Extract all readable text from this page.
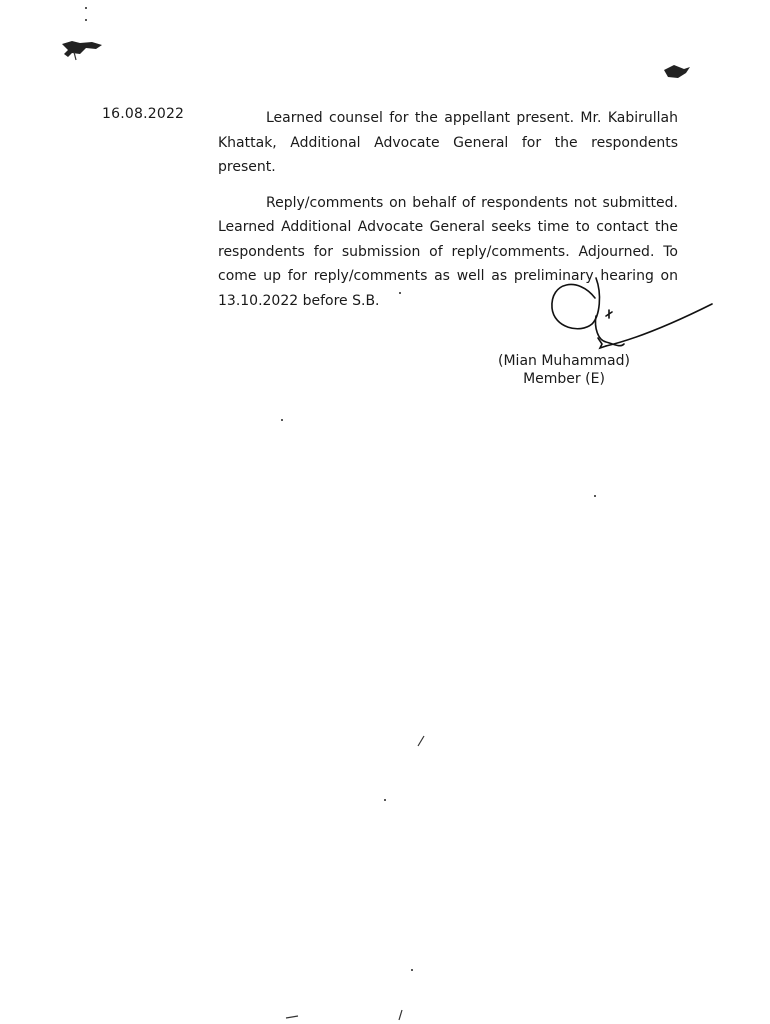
16.08.2022	Learned counsel for the appellant present. Mr. Kabirullah Khattak, Additional Advocate General for the respondents present.

Reply/comments on behalf of respondents not submitted. Learned Additional Advocate General seeks time to contact the respondents for submission of reply/comments. Adjourned. To come up for reply/comments as well as preliminary hearing on 13.10.2022 before S.B.

(Mian Muhammad)
Member (E)
